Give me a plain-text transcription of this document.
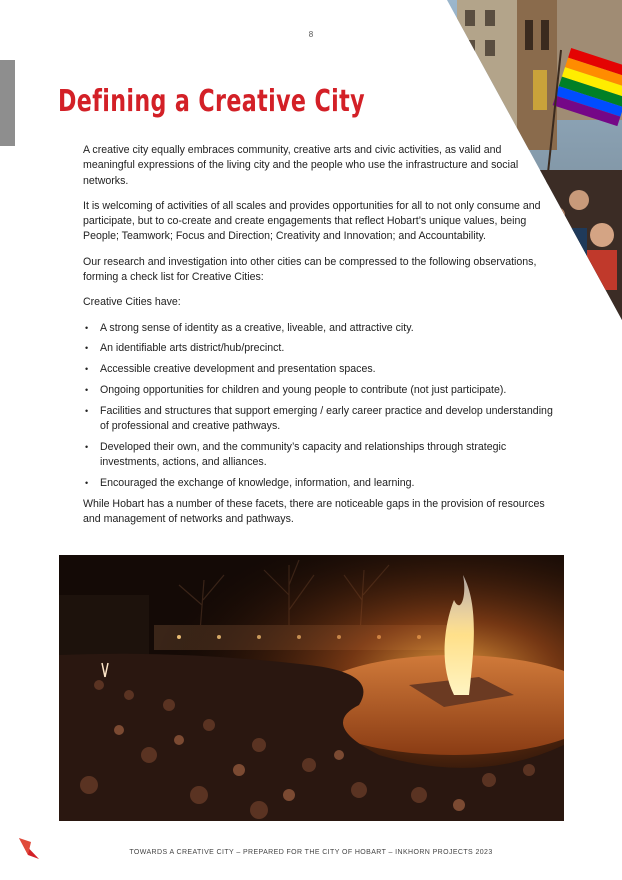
8
Defining a Creative City

A creative city equally embraces community, creative arts and civic activities, as valid and meaningful expressions of the living city and the people who use the infrastructure and social networks.

It is welcoming of activities of all scales and provides opportunities for all to not only consume and participate, but to co-create and create engagements that reflect Hobart’s unique values, being People; Teamwork; Focus and Direction; Creativity and Innovation; and Accountability.

Our research and investigation into other cities can be compressed to the following observations, forming a check list for Creative Cities:

Creative Cities have:

• A strong sense of identity as a creative, liveable, and attractive city.
• An identifiable arts district/hub/precinct.
• Accessible creative development and presentation spaces.
• Ongoing opportunities for children and young people to contribute (not just participate).
• Facilities and structures that support emerging / early career practice and develop understanding of professional and creative pathways.
• Developed their own, and the community’s capacity and relationships through strategic investments, actions, and alliances.
• Encouraged the exchange of knowledge, information, and learning.

While Hobart has a number of these facets, there are noticeable gaps in the provision of resources and management of networks and pathways.

TOWARDS A CREATIVE CITY – PREPARED FOR THE CITY OF HOBART – INKHORN PROJECTS 2023
